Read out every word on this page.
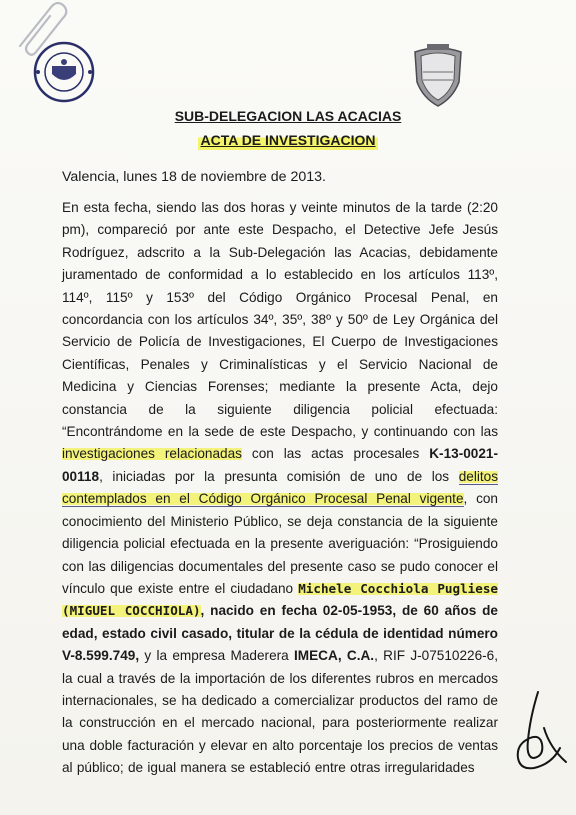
SUB-DELEGACION LAS ACACIAS
ACTA DE INVESTIGACION
Valencia, lunes 18 de noviembre de 2013.
En esta fecha, siendo las dos horas y veinte minutos de la tarde (2:20 pm), compareció por ante este Despacho, el Detective Jefe Jesús Rodríguez, adscrito a la Sub-Delegación las Acacias, debidamente juramentado de conformidad a lo establecido en los artículos 113º, 114º, 115º y 153º del Código Orgánico Procesal Penal, en concordancia con los artículos 34º, 35º, 38º y 50º de Ley Orgánica del Servicio de Policía de Investigaciones, El Cuerpo de Investigaciones Científicas, Penales y Criminalísticas y el Servicio Nacional de Medicina y Ciencias Forenses; mediante la presente Acta, dejo constancia de la siguiente diligencia policial efectuada: “Encontrándome en la sede de este Despacho, y continuando con las investigaciones relacionadas con las actas procesales K-13-0021-00118, iniciadas por la presunta comisión de uno de los delitos contemplados en el Código Orgánico Procesal Penal vigente, con conocimiento del Ministerio Público, se deja constancia de la siguiente diligencia policial efectuada en la presente averiguación: “Prosiguiendo con las diligencias documentales del presente caso se pudo conocer el vínculo que existe entre el ciudadano Michele Cocchiola Pugliese (MIGUEL COCCHIOLA), nacido en fecha 02-05-1953, de 60 años de edad, estado civil casado, titular de la cédula de identidad número V-8.599.749, y la empresa Maderera IMECA, C.A., RIF J-07510226-6, la cual a través de la importación de los diferentes rubros en mercados internacionales, se ha dedicado a comercializar productos del ramo de la construcción en el mercado nacional, para posteriormente realizar una doble facturación y elevar en alto porcentaje los precios de ventas al público; de igual manera se estableció entre otras irregularidades
